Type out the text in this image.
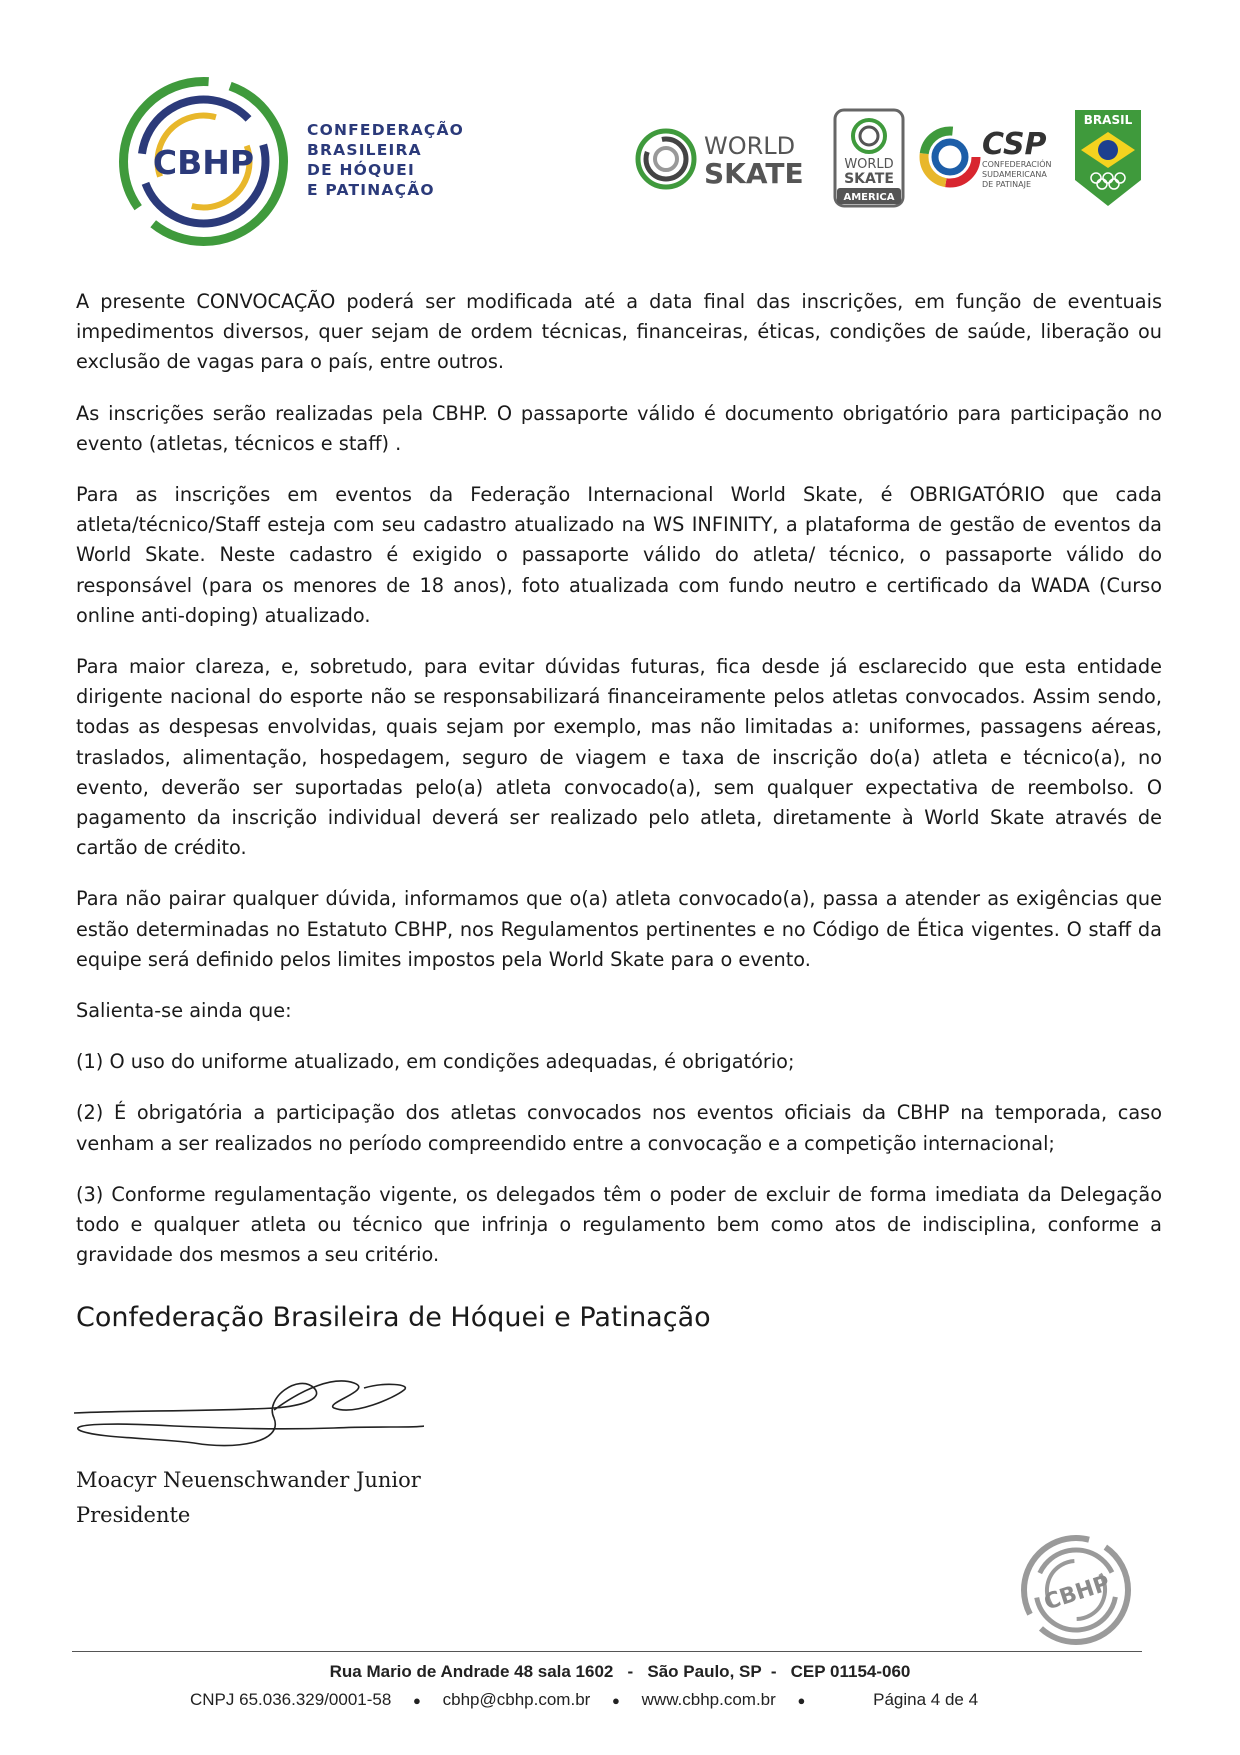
CBHP
CONFEDERAÇÃO
BRASILEIRA
DE HÓQUEI
E PATINAÇÃO
WORLD
SKATE	WORLD
SKATE
AMERICA
CSP
CONFEDERACIÓN
SUDAMERICANA
DE PATINAJE
BRASIL

A presente CONVOCAÇÃO poderá ser modificada até a data final das inscrições, em função de eventuais impedimentos diversos, quer sejam de ordem técnicas, financeiras, éticas, condições de saúde, liberação ou exclusão de vagas para o país, entre outros.

As inscrições serão realizadas pela CBHP. O passaporte válido é documento obrigatório para participação no evento (atletas, técnicos e staff) .

Para as inscrições em eventos da Federação Internacional World Skate, é OBRIGATÓRIO que cada atleta/técnico/Staff esteja com seu cadastro atualizado na WS INFINITY, a plataforma de gestão de eventos da World Skate. Neste cadastro é exigido o passaporte válido do atleta/ técnico, o passaporte válido do responsável (para os menores de 18 anos), foto atualizada com fundo neutro e certificado da WADA (Curso online anti-doping) atualizado.

Para maior clareza, e, sobretudo, para evitar dúvidas futuras, fica desde já esclarecido que esta entidade dirigente nacional do esporte não se responsabilizará financeiramente pelos atletas convocados. Assim sendo, todas as despesas envolvidas, quais sejam por exemplo, mas não limitadas a: uniformes, passagens aéreas, traslados, alimentação, hospedagem, seguro de viagem e taxa de inscrição do(a) atleta e técnico(a), no evento, deverão ser suportadas pelo(a) atleta convocado(a), sem qualquer expectativa de reembolso. O pagamento da inscrição individual deverá ser realizado pelo atleta, diretamente à World Skate através de cartão de crédito.

Para não pairar qualquer dúvida, informamos que o(a) atleta convocado(a), passa a atender as exigências que estão determinadas no Estatuto CBHP, nos Regulamentos pertinentes e no Código de Ética vigentes. O staff da equipe será definido pelos limites impostos pela World Skate para o evento.

Salienta-se ainda que:

(1) O uso do uniforme atualizado, em condições adequadas, é obrigatório;

(2) É obrigatória a participação dos atletas convocados nos eventos oficiais da CBHP na temporada, caso venham a ser realizados no período compreendido entre a convocação e a competição internacional;

(3) Conforme regulamentação vigente, os delegados têm o poder de excluir de forma imediata da Delegação todo e qualquer atleta ou técnico que infrinja o regulamento bem como atos de indisciplina, conforme a gravidade dos mesmos a seu critério.

Confederação Brasileira de Hóquei e Patinação
Moacyr Neuenschwander Junior
Presidente
CBHP
Rua Mario de Andrade 48 sala 1602   -   São Paulo, SP  -   CEP 01154-060
CNPJ 65.036.329/0001-58 ● cbhp@cbhp.com.br ● www.cbhp.com.br ●	Página 4 de 4
